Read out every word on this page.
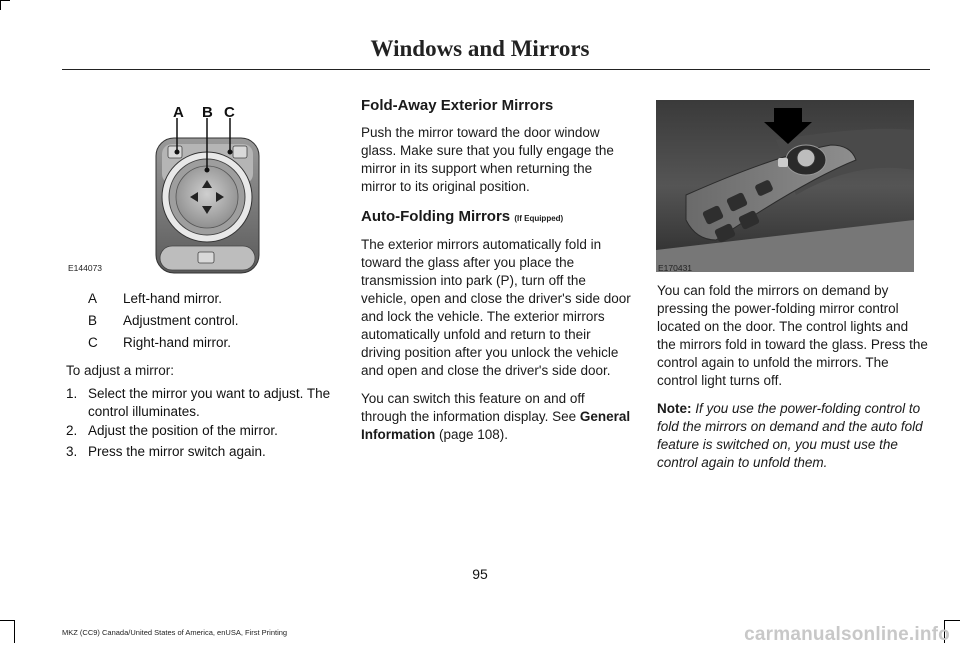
Windows and Mirrors
A B C
E144073
A Left-hand mirror.
B Adjustment control.
C Right-hand mirror.
To adjust a mirror:
1. Select the mirror you want to adjust. The control illuminates.
2. Adjust the position of the mirror.
3. Press the mirror switch again.
Fold-Away Exterior Mirrors

Push the mirror toward the door window glass. Make sure that you fully engage the mirror in its support when returning the mirror to its original position.

Auto-Folding Mirrors (If Equipped)

The exterior mirrors automatically fold in toward the glass after you place the transmission into park (P), turn off the vehicle, open and close the driver's side door and lock the vehicle. The exterior mirrors automatically unfold and return to their driving position after you unlock the vehicle and open and close the driver's side door.

You can switch this feature on and off through the information display. See General Information (page 108).

E170431

You can fold the mirrors on demand by pressing the power-folding mirror control located on the door. The control lights and the mirrors fold in toward the glass. Press the control again to unfold the mirrors. The control light turns off.

Note: If you use the power-folding control to fold the mirrors on demand and the auto fold feature is switched on, you must use the control again to unfold them.

95
MKZ (CC9) Canada/United States of America, enUSA, First Printing	carmanualsonline.info
